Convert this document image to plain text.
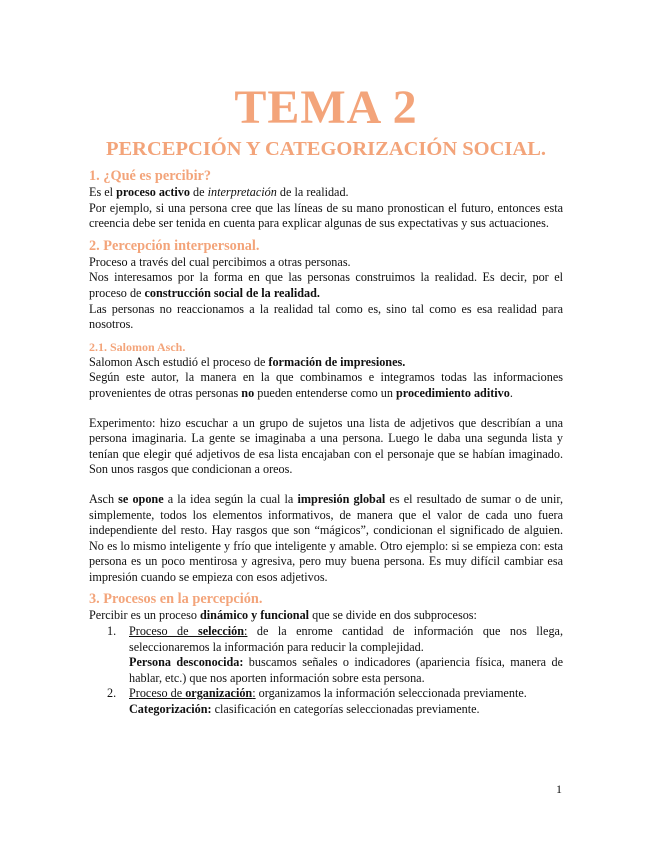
TEMA 2
PERCEPCIÓN Y CATEGORIZACIÓN SOCIAL.
1. ¿Qué es percibir?

Es el proceso activo de interpretación de la realidad.

Por ejemplo, si una persona cree que las líneas de su mano pronostican el futuro, entonces esta creencia debe ser tenida en cuenta para explicar algunas de sus expectativas y sus actuaciones.

2. Percepción interpersonal.

Proceso a través del cual percibimos a otras personas.

Nos interesamos por la forma en que las personas construimos la realidad. Es decir, por el proceso de construcción social de la realidad.

Las personas no reaccionamos a la realidad tal como es, sino tal como es esa realidad para nosotros.

2.1. Salomon Asch.

Salomon Asch estudió el proceso de formación de impresiones.

Según este autor, la manera en la que combinamos e integramos todas las informaciones provenientes de otras personas no pueden entenderse como un procedimiento aditivo.

Experimento: hizo escuchar a un grupo de sujetos una lista de adjetivos que describían a una persona imaginaria. La gente se imaginaba a una persona. Luego le daba una segunda lista y tenían que elegir qué adjetivos de esa lista encajaban con el personaje que se habían imaginado. Son unos rasgos que condicionan a oreos.

Asch se opone a la idea según la cual la impresión global es el resultado de sumar o de unir, simplemente, todos los elementos informativos, de manera que el valor de cada uno fuera independiente del resto. Hay rasgos que son “mágicos”, condicionan el significado de alguien. No es lo mismo inteligente y frío que inteligente y amable. Otro ejemplo: si se empieza con: esta persona es un poco mentirosa y agresiva, pero muy buena persona. Es muy difícil cambiar esa impresión cuando se empieza con esos adjetivos.

3. Procesos en la percepción.

Percibir es un proceso dinámico y funcional que se divide en dos subprocesos:

1. Proceso de selección: de la enrome cantidad de información que nos llega, seleccionaremos la información para reducir la complejidad.
Persona desconocida: buscamos señales o indicadores (apariencia física, manera de hablar, etc.) que nos aporten información sobre esta persona.
2. Proceso de organización: organizamos la información seleccionada previamente.
Categorización: clasificación en categorías seleccionadas previamente.
1
